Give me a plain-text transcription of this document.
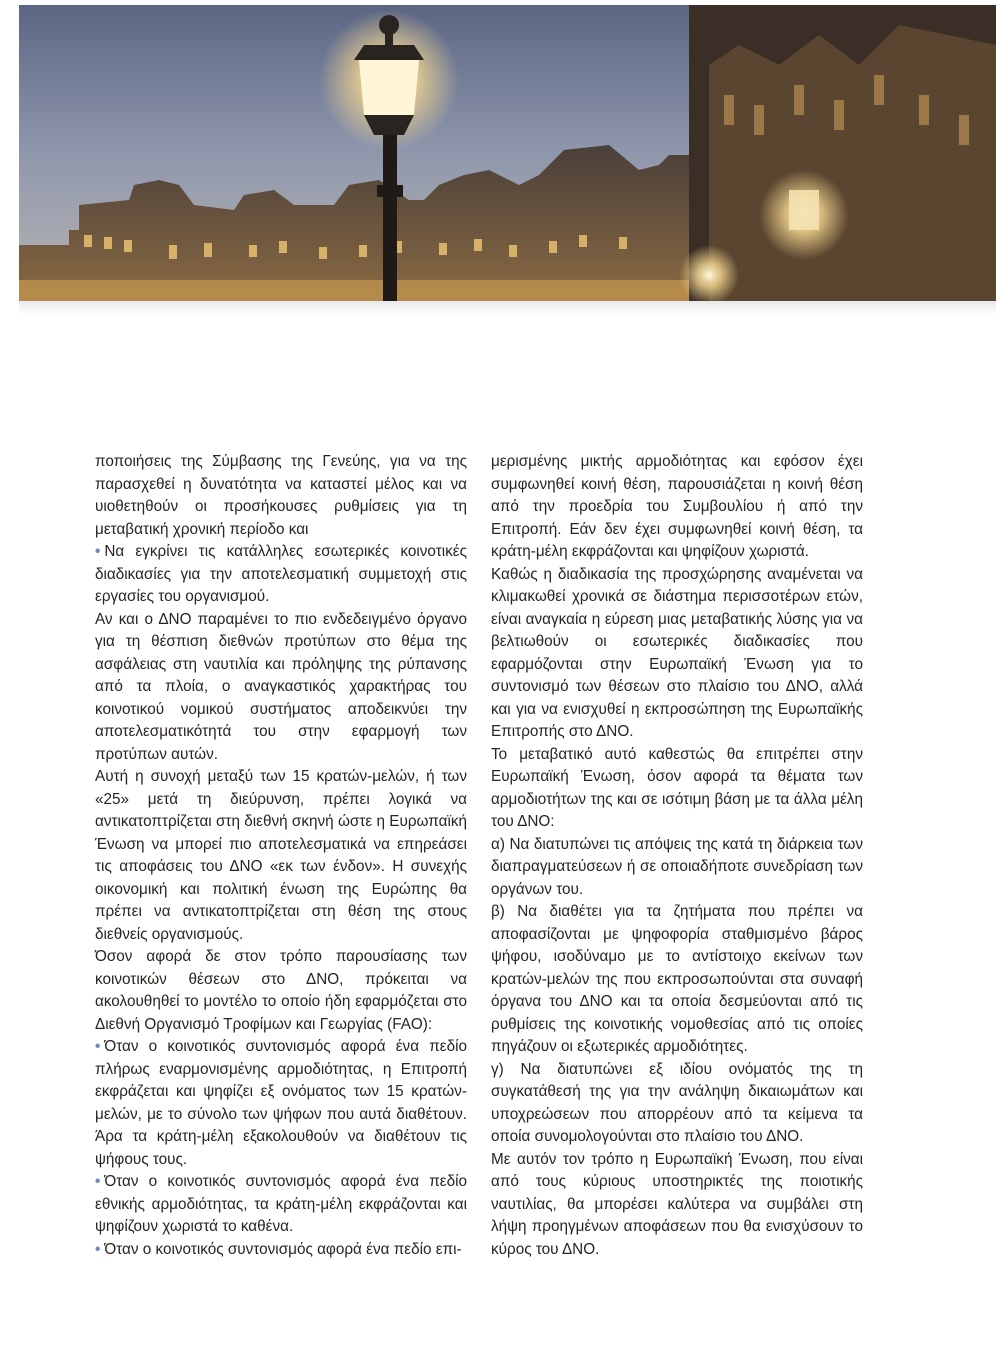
ποποιήσεις της Σύμβασης της Γενεύης, για να της παρασχεθεί η δυνατότητα να καταστεί μέλος και να υιοθετηθούν οι προσήκουσες ρυθμίσεις για τη μεταβατική χρονική περίοδο και

• Να εγκρίνει τις κατάλληλες εσωτερικές κοινοτικές διαδικασίες για την αποτελεσματική συμμετοχή στις εργασίες του οργανισμού.

Αν και ο ΔΝΟ παραμένει το πιο ενδεδειγμένο όργανο για τη θέσπιση διεθνών προτύπων στο θέμα της ασφάλειας στη ναυτιλία και πρόληψης της ρύπανσης από τα πλοία, ο αναγκαστικός χαρακτήρας του κοινοτικού νομικού συστήματος αποδεικνύει την αποτελεσματικότητά του στην εφαρμογή των προτύπων αυτών.

Αυτή η συνοχή μεταξύ των 15 κρατών-μελών, ή των «25» μετά τη διεύρυνση, πρέπει λογικά να αντικατοπτρίζεται στη διεθνή σκηνή ώστε η Ευρωπαϊκή Ένωση να μπορεί πιο αποτελεσματικά να επηρεάσει τις αποφάσεις του ΔΝΟ «εκ των ένδον». Η συνεχής οικονομική και πολιτική ένωση της Ευρώπης θα πρέπει να αντικατοπτρίζεται στη θέση της στους διεθνείς οργανισμούς.

Όσον αφορά δε στον τρόπο παρουσίασης των κοινοτικών θέσεων στο ΔΝΟ, πρόκειται να ακολουθηθεί το μοντέλο το οποίο ήδη εφαρμόζεται στο Διεθνή Οργανισμό Τροφίμων και Γεωργίας (FAO):

• Όταν ο κοινοτικός συντονισμός αφορά ένα πεδίο πλήρως εναρμονισμένης αρμοδιότητας, η Επιτροπή εκφράζεται και ψηφίζει εξ ονόματος των 15 κρατών-μελών, με το σύνολο των ψήφων που αυτά διαθέτουν. Άρα τα κράτη-μέλη εξακολουθούν να διαθέτουν τις ψήφους τους.

• Όταν ο κοινοτικός συντονισμός αφορά ένα πεδίο εθνικής αρμοδιότητας, τα κράτη-μέλη εκφράζονται και ψηφίζουν χωριστά το καθένα.

• Όταν ο κοινοτικός συντονισμός αφορά ένα πεδίο επι-

μερισμένης μικτής αρμοδιότητας και εφόσον έχει συμφωνηθεί κοινή θέση, παρουσιάζεται η κοινή θέση από την προεδρία του Συμβουλίου ή από την Επιτροπή. Εάν δεν έχει συμφωνηθεί κοινή θέση, τα κράτη-μέλη εκφράζονται και ψηφίζουν χωριστά.

Καθώς η διαδικασία της προσχώρησης αναμένεται να κλιμακωθεί χρονικά σε διάστημα περισσοτέρων ετών, είναι αναγκαία η εύρεση μιας μεταβατικής λύσης για να βελτιωθούν οι εσωτερικές διαδικασίες που εφαρμόζονται στην Ευρωπαϊκή Ένωση για το συντονισμό των θέσεων στο πλαίσιο του ΔΝΟ, αλλά και για να ενισχυθεί η εκπροσώπηση της Ευρωπαϊκής Επιτροπής στο ΔΝΟ.

Το μεταβατικό αυτό καθεστώς θα επιτρέπει στην Ευρωπαϊκή Ένωση, όσον αφορά τα θέματα των αρμοδιοτήτων της και σε ισότιμη βάση με τα άλλα μέλη του ΔΝΟ:

α) Να διατυπώνει τις απόψεις της κατά τη διάρκεια των διαπραγματεύσεων ή σε οποιαδήποτε συνεδρίαση των οργάνων του.

β) Να διαθέτει για τα ζητήματα που πρέπει να αποφασίζονται με ψηφοφορία σταθμισμένο βάρος ψήφου, ισοδύναμο με το αντίστοιχο εκείνων των κρατών-μελών της που εκπροσωπούνται στα συναφή όργανα του ΔΝΟ και τα οποία δεσμεύονται από τις ρυθμίσεις της κοινοτικής νομοθεσίας από τις οποίες πηγάζουν οι εξωτερικές αρμοδιότητες.

γ) Να διατυπώνει εξ ιδίου ονόματός της τη συγκατάθεσή της για την ανάληψη δικαιωμάτων και υποχρεώσεων που απορρέουν από τα κείμενα τα οποία συνομολογούνται στο πλαίσιο του ΔΝΟ.

Με αυτόν τον τρόπο η Ευρωπαϊκή Ένωση, που είναι από τους κύριους υποστηρικτές της ποιοτικής ναυτιλίας, θα μπορέσει καλύτερα να συμβάλει στη λήψη προηγμένων αποφάσεων που θα ενισχύσουν το κύρος του ΔΝΟ.
